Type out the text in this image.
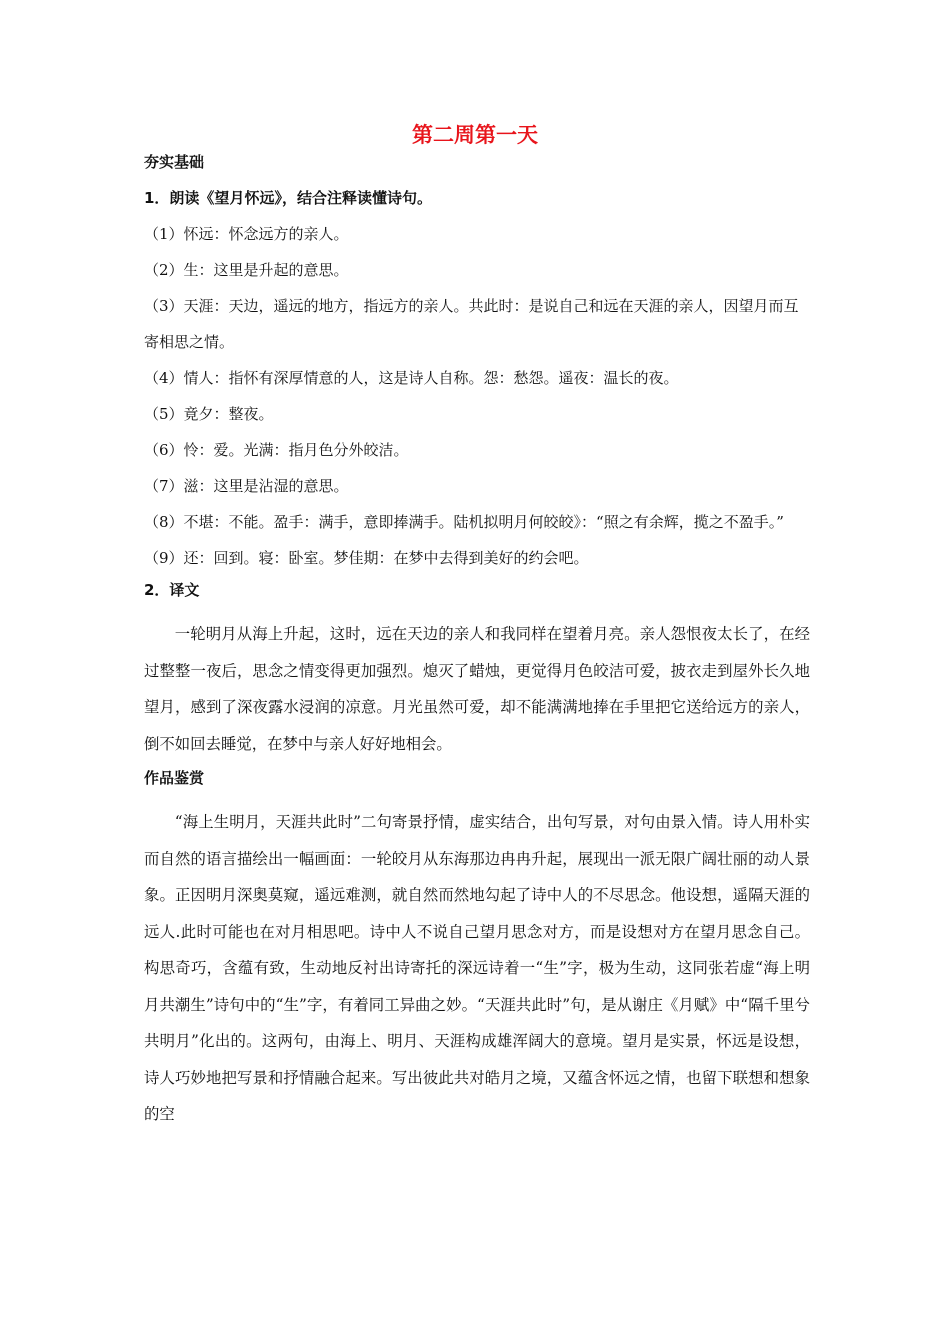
第二周第一天
夯实基础
1．朗读《望月怀远》，结合注释读懂诗句。

（1）怀远：怀念远方的亲人。

（2）生：这里是升起的意思。

（3）天涯：天边，遥远的地方，指远方的亲人。共此时：是说自己和远在天涯的亲人，因望月而互寄相思之情。

（4）情人：指怀有深厚情意的人，这是诗人自称。怨：愁怨。遥夜：温长的夜。

（5）竟夕：整夜。

（6）怜：爱。光满：指月色分外皎洁。

（7）滋：这里是沾湿的意思。

（8）不堪：不能。盈手：满手，意即捧满手。陆机拟明月何皎皎》：“照之有余辉，揽之不盈手。”

（9）还：回到。寝：卧室。梦佳期：在梦中去得到美好的约会吧。

2．译文

一轮明月从海上升起，这时，远在天边的亲人和我同样在望着月亮。亲人怨恨夜太长了，在经过整整一夜后，思念之情变得更加强烈。熄灭了蜡烛，更觉得月色皎洁可爱，披衣走到屋外长久地望月，感到了深夜露水浸润的凉意。月光虽然可爱，却不能满满地捧在手里把它送给远方的亲人，倒不如回去睡觉，在梦中与亲人好好地相会。

作品鉴赏

“海上生明月，天涯共此时”二句寄景抒情，虚实结合，出句写景，对句由景入情。诗人用朴实而自然的语言描绘出一幅画面：一轮皎月从东海那边冉冉升起，展现出一派无限广阔壮丽的动人景象。正因明月深奥莫窥，遥远难测，就自然而然地勾起了诗中人的不尽思念。他设想，遥隔天涯的远人.此时可能也在对月相思吧。诗中人不说自己望月思念对方，而是设想对方在望月思念自己。构思奇巧，含蕴有致，生动地反衬出诗寄托的深远诗着一“生”字，极为生动，这同张若虚“海上明月共潮生”诗句中的“生”字，有着同工异曲之妙。“天涯共此时”句，是从谢庄《月赋》中“隔千里兮共明月”化出的。这两句，由海上、明月、天涯构成雄浑阔大的意境。望月是实景，怀远是设想，诗人巧妙地把写景和抒情融合起来。写出彼此共对皓月之境，又蕴含怀远之情，也留下联想和想象的空
